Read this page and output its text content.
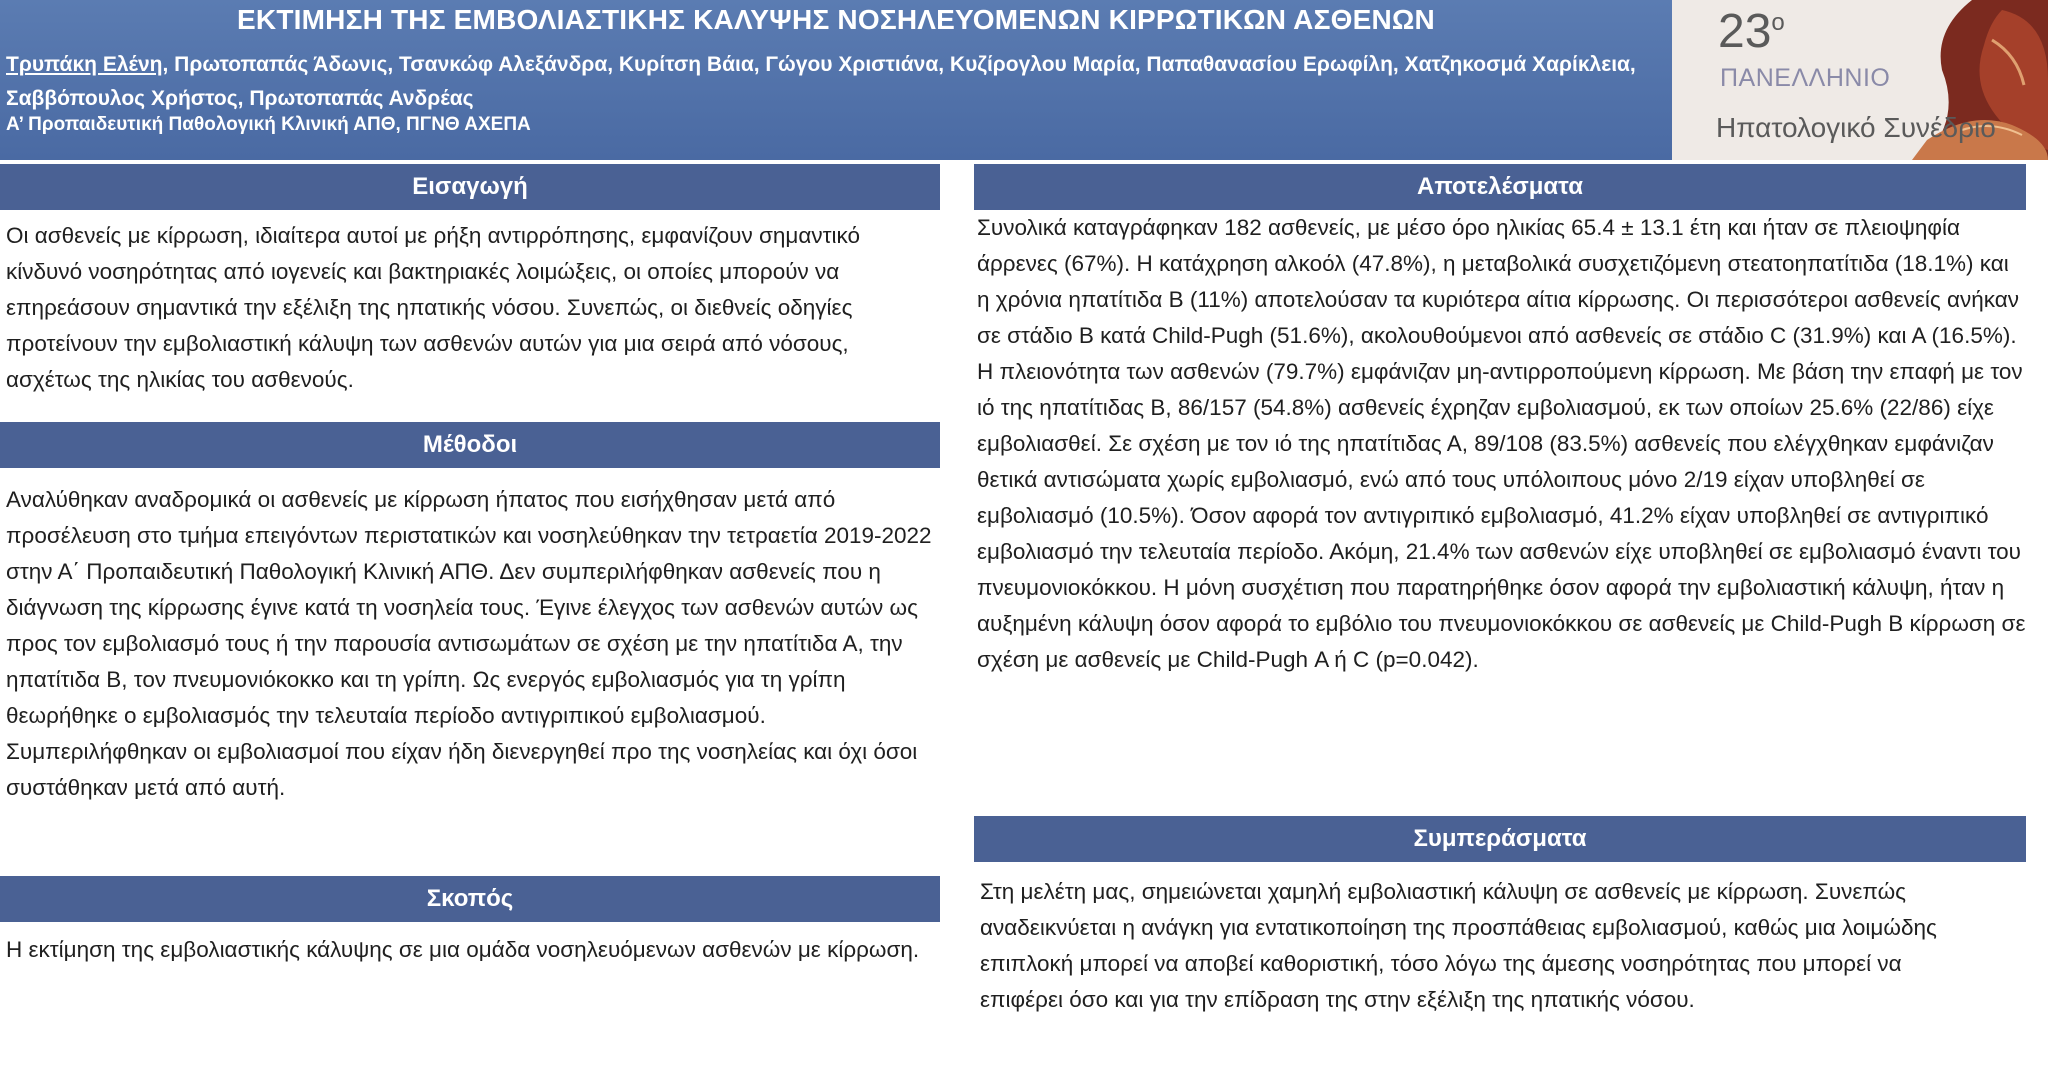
ΕΚΤΙΜΗΣΗ ΤΗΣ ΕΜΒΟΛΙΑΣΤΙΚΗΣ ΚΑΛΥΨΗΣ ΝΟΣΗΛΕΥΟΜΕΝΩΝ ΚΙΡΡΩΤΙΚΩΝ ΑΣΘΕΝΩΝ
Τρυπάκη Ελένη, Πρωτοπαπάς Άδωνις, Τσανκώφ Αλεξάνδρα, Κυρίτση Βάια, Γώγου Χριστιάνα, Κυζίρογλου Μαρία, Παπαθανασίου Ερωφίλη, Χατζηκοσμά Χαρίκλεια, Σαββόπουλος Χρήστος, Πρωτοπαπάς Ανδρέας
Α’ Προπαιδευτική Παθολογική Κλινική ΑΠΘ, ΠΓΝΘ ΑΧΕΠΑ
$23^o$
ΠΑΝΕΛΛΗΝΙΟ
Ηπατολογικό Συνέδριο
Εισαγωγή
Οι ασθενείς με κίρρωση, ιδιαίτερα αυτοί με ρήξη αντιρρόπησης, εμφανίζουν σημαντικό κίνδυνό νοσηρότητας από ιογενείς και βακτηριακές λοιμώξεις, οι οποίες μπορούν να επηρεάσουν σημαντικά την εξέλιξη της ηπατικής νόσου. Συνεπώς, οι διεθνείς οδηγίες προτείνουν την εμβολιαστική κάλυψη των ασθενών αυτών για μια σειρά από νόσους, ασχέτως της ηλικίας του ασθενούς.
Μέθοδοι
Αναλύθηκαν αναδρομικά οι ασθενείς με κίρρωση ήπατος που εισήχθησαν μετά από προσέλευση στο τμήμα επειγόντων περιστατικών και νοσηλεύθηκαν την τετραετία 2019-2022 στην Α΄ Προπαιδευτική Παθολογική Κλινική ΑΠΘ. Δεν συμπεριλήφθηκαν ασθενείς που η διάγνωση της κίρρωσης έγινε κατά τη νοσηλεία τους. Έγινε έλεγχος των ασθενών αυτών ως προς τον εμβολιασμό τους ή την παρουσία αντισωμάτων σε σχέση με την ηπατίτιδα Α, την ηπατίτιδα Β, τον πνευμονιόκοκκο και τη γρίπη. Ως ενεργός εμβολιασμός για τη γρίπη θεωρήθηκε ο εμβολιασμός την τελευταία περίοδο αντιγριπικού εμβολιασμού. Συμπεριλήφθηκαν οι εμβολιασμοί που είχαν ήδη διενεργηθεί προ της νοσηλείας και όχι όσοι συστάθηκαν μετά από αυτή.
Σκοπός
Η εκτίμηση της εμβολιαστικής κάλυψης σε μια ομάδα νοσηλευόμενων ασθενών με κίρρωση.
Αποτελέσματα
Συνολικά καταγράφηκαν 182 ασθενείς, με μέσο όρο ηλικίας 65.4 ± 13.1 έτη και ήταν σε πλειοψηφία άρρενες (67%). Η κατάχρηση αλκοόλ (47.8%), η μεταβολικά συσχετιζόμενη στεατοηπατίτιδα (18.1%) και η χρόνια ηπατίτιδα Β (11%) αποτελούσαν τα κυριότερα αίτια κίρρωσης. Οι περισσότεροι ασθενείς ανήκαν σε στάδιο Β κατά Child-Pugh (51.6%), ακολουθούμενοι από ασθενείς σε στάδιο C (31.9%) και Α (16.5%). Η πλειονότητα των ασθενών (79.7%) εμφάνιζαν μη-αντιρροπούμενη κίρρωση. Με βάση την επαφή με τον ιό της ηπατίτιδας Β, 86/157 (54.8%) ασθενείς έχρηζαν εμβολιασμού, εκ των οποίων 25.6% (22/86) είχε εμβολιασθεί. Σε σχέση με τον ιό της ηπατίτιδας Α, 89/108 (83.5%) ασθενείς που ελέγχθηκαν εμφάνιζαν θετικά αντισώματα χωρίς εμβολιασμό, ενώ από τους υπόλοιπους μόνο 2/19 είχαν υποβληθεί σε εμβολιασμό (10.5%). Όσον αφορά τον αντιγριπικό εμβολιασμό, 41.2% είχαν υποβληθεί σε αντιγριπικό εμβολιασμό την τελευταία περίοδο. Ακόμη, 21.4% των ασθενών είχε υποβληθεί σε εμβολιασμό έναντι του πνευμονιοκόκκου. Η μόνη συσχέτιση που παρατηρήθηκε όσον αφορά την εμβολιαστική κάλυψη, ήταν η αυξημένη κάλυψη όσον αφορά το εμβόλιο του πνευμονιοκόκκου σε ασθενείς με Child-Pugh B κίρρωση σε σχέση με ασθενείς με Child-Pugh Α ή C (p=0.042).
Συμπεράσματα
Στη μελέτη μας, σημειώνεται χαμηλή εμβολιαστική κάλυψη σε ασθενείς με κίρρωση. Συνεπώς αναδεικνύεται η ανάγκη για εντατικοποίηση της προσπάθειας εμβολιασμού, καθώς μια λοιμώδης επιπλοκή μπορεί να αποβεί καθοριστική, τόσο λόγω της άμεσης νοσηρότητας που μπορεί να επιφέρει όσο και για την επίδραση της στην εξέλιξη της ηπατικής νόσου.
